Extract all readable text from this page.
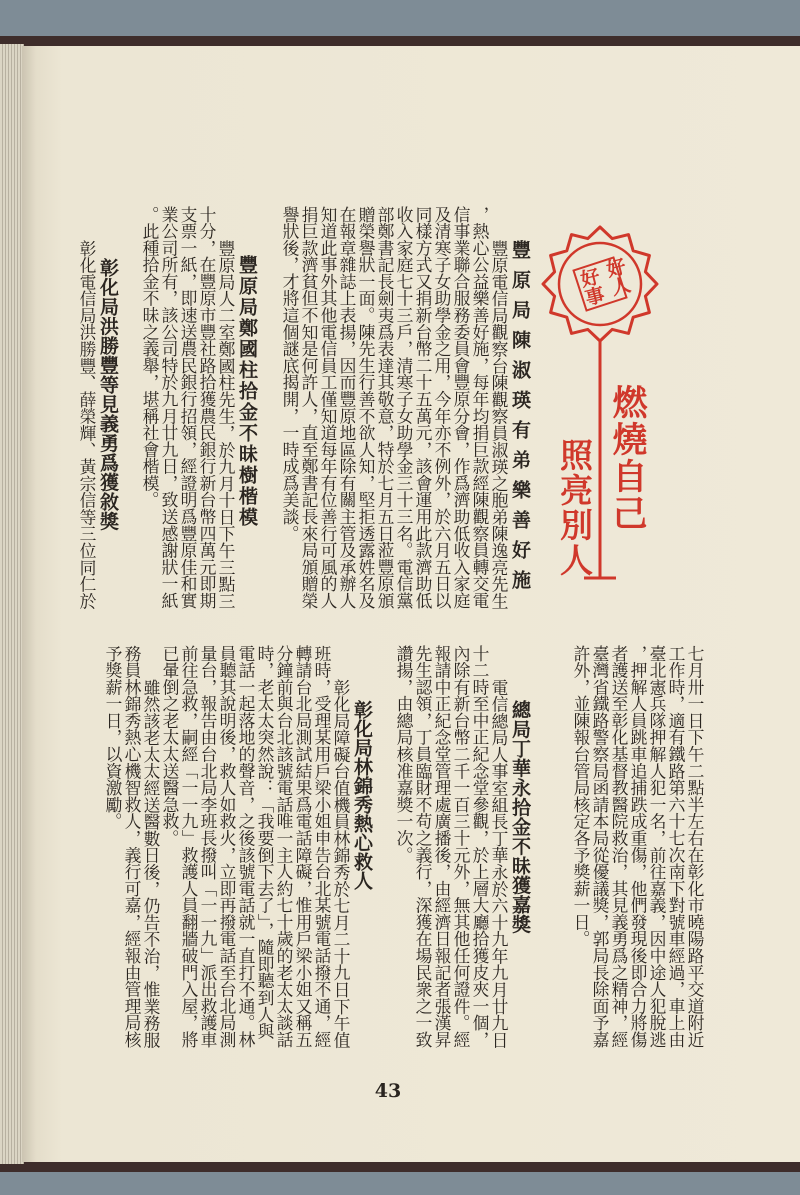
好人
好事
燃燒自己
照亮別人
豐原局陳淑瑛有弟樂善好施
豐原電信局觀察台陳觀察員淑瑛之胞弟陳逸亮先生
，熱心公益樂善好施，每年均捐巨款經陳觀察員轉交電
信事業聯合服務委員會豐原分會，作爲濟助低收入家庭
及清寒子女助學金之用，今年亦不例外，於六月五日以
同樣方式又捐新台幣二十五萬元，該會運用此款濟助低
收入家庭七十三戶，清寒子女助學金三十三名。電信黨
部鄭書記長劍夷爲表達其敬意，特於七月五日蒞豐原頒
贈榮譽狀一面。陳先生行善不欲人知，堅拒透露姓名及
在報章雜誌上表揚，因而豐原地區除有關主管及承辦人
知道此事外其他電信員工僅知道每年有位善行可風的人
捐巨款濟貧但不知是何許人，直至鄭書記長來局頒贈榮
譽狀後，才將這個謎底揭開，一時成爲美談。
豐原局鄭國柱拾金不昧樹楷模
豐原局人二室鄭國柱先生，於九月十日下午三點三
十分，在豐原市豐社路拾獲農民銀行新台幣四萬元即期
支票一紙，即速送農民銀行招領，經證明爲豐原佳和實
業公司所有，該公司特於九月廿九日，致送感謝狀一紙
。此種拾金不昧之義舉，堪稱社會楷模。
彰化局洪勝豐等見義勇爲獲敘獎
彰化電信局洪勝豐、薛榮輝、黃宗信等三位同仁於
七月卅一日下午二點半左右在彰化市曉陽路平交道附近
工作時，適有鐵路第六十七次南下對號車經過，車上由
臺北憲兵隊押解人犯一名，前往嘉義，因中途人犯脫逃
，押解人員跳車追捕跌成重傷，他們發現後即合力將傷
者護送至彰化基督教醫院救治，其見義勇爲之精神，經
臺灣省鐵路警察局函請本局從優議獎，郭局長除面予嘉
許外，並陳報台管局核定各予獎薪一日。
總局丁華永拾金不昧獲嘉獎
電信總局人事室組長丁華永於六十九年九月廿九日
十二時至中正紀念堂參觀，於上層大廳拾獲皮夾一個，
內除有新台幣二千一百三十元外，無其他任何證件。經
報請中正紀念堂管理處廣播後，由經濟日報記者張漢昇
先生認領，丁員臨財不苟之義行，深獲在場民衆之一致
讚揚，由總局核准嘉獎一次。
彰化局林錦秀熱心救人
彰化局障礙台值機員林錦秀於七月二十九日下午值
班時，受理某用戶梁小姐申告台北某號電話撥不通，經
轉請台北局測試結果爲電話障礙，惟用戶梁小姐又稱五
分鐘前與台北該號電話唯一主人約七十歲的老太太談話
時，老太太突然說：「我要倒下去了」，隨即聽到人與
電話一起落地的聲音，之後該號電話就一直打不通。林
員聽其說明後，救人如救火，立即再撥電話至台北局測
量台，報告由台北局李班長撥叫「一一九」派出救護車
前往急救，嗣經「一一九」救護人員翻牆破門入屋，將
已暈倒之老太太送醫急救。
雖然該老太太經送醫數日後，仍告不治，惟業務服
務員林錦秀熱心機智救人，義行可嘉，經報由管理局核
予獎薪一日，以資激勵。
43
